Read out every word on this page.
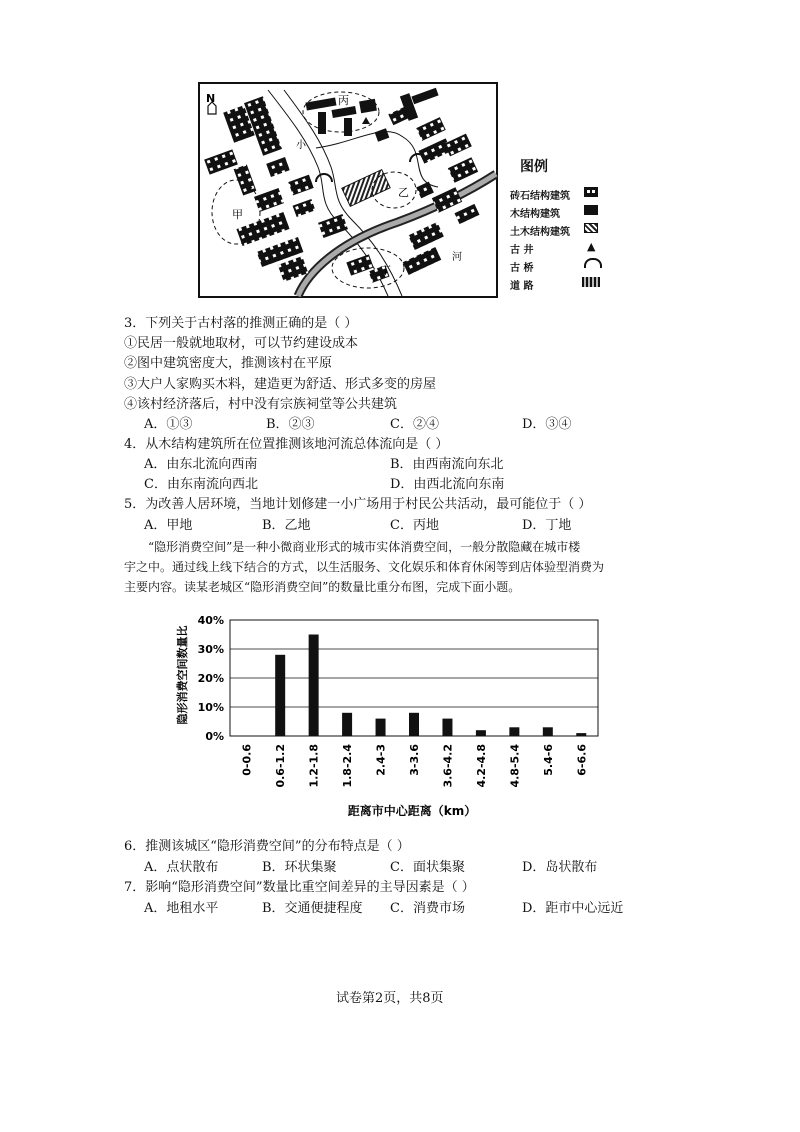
N
甲
乙
丙
丁
小
河
图例
砖石结构建筑
木结构建筑
土木结构建筑
古 井	▲
古 桥
道 路
3．下列关于古村落的推测正确的是（ ）
①民居一般就地取材，可以节约建设成本
②图中建筑密度大，推测该村在平原
③大户人家购买木料，建造更为舒适、形式多变的房屋
④该村经济落后，村中没有宗族祠堂等公共建筑
A．①③	B．②③	C．②④	D．③④
4．从木结构建筑所在位置推测该地河流总体流向是（ ）
A．由东北流向西南	B．由西南流向东北
C．由东南流向西北	D．由西北流向东南
5．为改善人居环境，当地计划修建一小广场用于村民公共活动，最可能位于（ ）
A．甲地	B．乙地	C．丙地	D．丁地
“隐形消费空间”是一种小微商业形式的城市实体消费空间，一般分散隐藏在城市楼
宇之中。通过线上线下结合的方式，以生活服务、文化娱乐和体育休闲等到店体验型消费为
主要内容。读某老城区“隐形消费空间”的数量比重分布图，完成下面小题。
0%
10%
20%
30%
40%
0-0.6 0.6-1.2 1.2-1.8 1.8-2.4 2.4-3 3-3.6 3.6-4.2 4.2-4.8 4.8-5.4 5.4-6 6-6.6
隐形消费空间数量比
距离市中心距离（km）
6．推测该城区“隐形消费空间”的分布特点是（ ）
A．点状散布	B．环状集聚	C．面状集聚	D．岛状散布
7．影响“隐形消费空间”数量比重空间差异的主导因素是（ ）
A．地租水平	B．交通便捷程度 C．消费市场	D．距市中心远近
试卷第2页，共8页
